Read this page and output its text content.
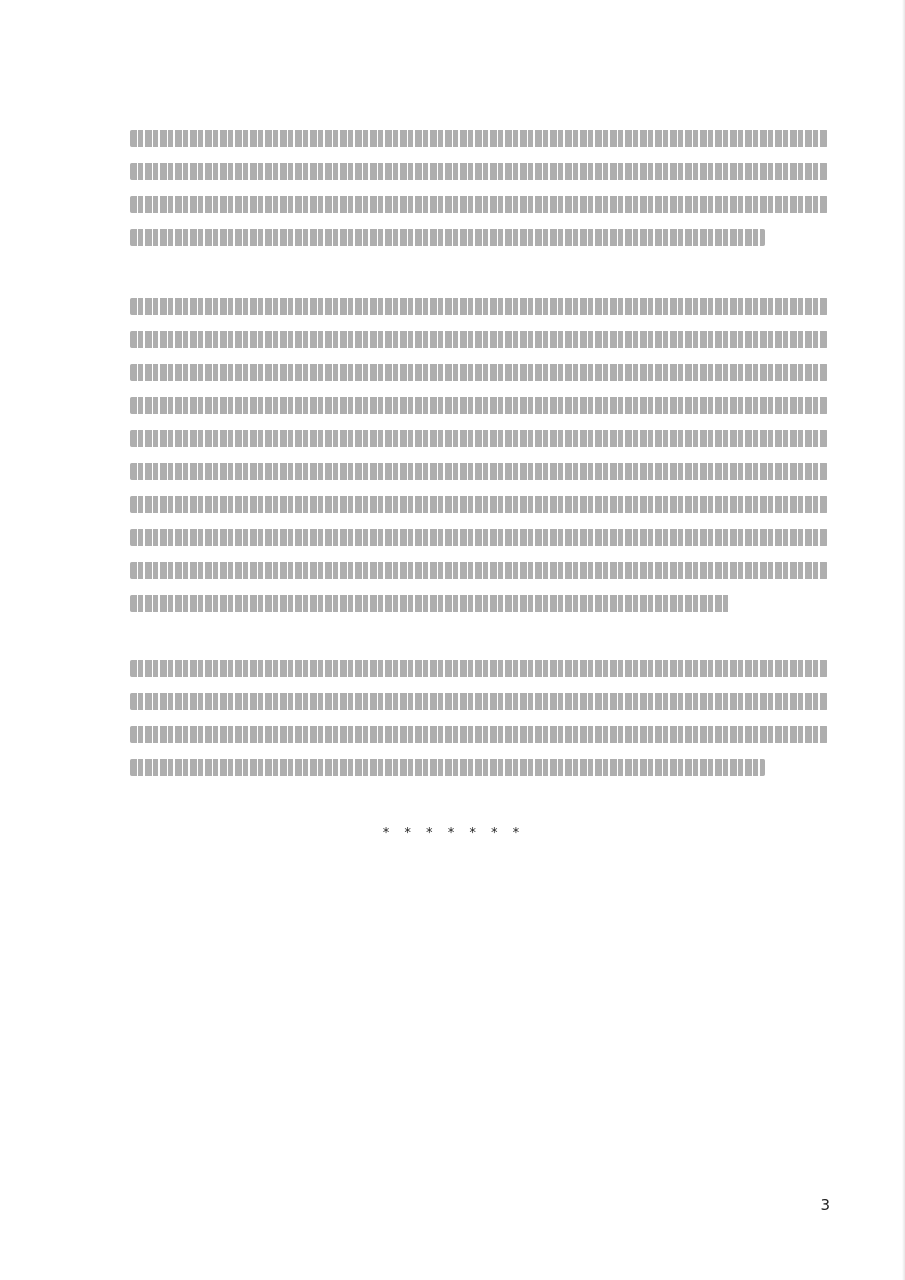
* * * * * * *
3
